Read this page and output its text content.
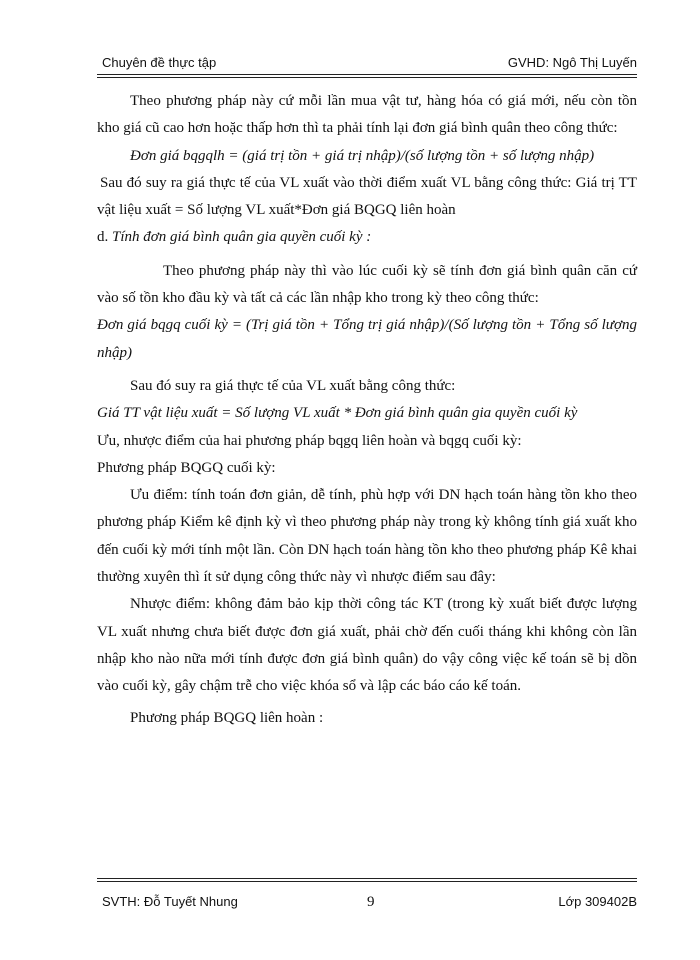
Chuyên đề thực tập	GVHD: Ngô Thị Luyến

Theo phương pháp này cứ mỗi lần mua vật tư, hàng hóa có giá mới, nếu còn tồn kho giá cũ cao hơn hoặc thấp hơn thì ta phải tính lại đơn giá bình quân theo công thức:

Đơn giá bqgqlh = (giá trị tồn + giá trị nhập)/(số lượng tồn + số lượng nhập)

Sau đó suy ra giá thực tế của VL xuất vào thời điểm xuất VL bằng công thức: Giá trị TT vật liệu xuất = Số lượng VL xuất*Đơn giá BQGQ liên hoàn

d. Tính đơn giá bình quân gia quyền cuối kỳ :

Theo phương pháp này thì vào lúc cuối kỳ sẽ tính đơn giá bình quân căn cứ vào số tồn kho đầu kỳ và tất cả các lần nhập kho trong kỳ theo công thức:

Đơn giá bqgq cuối kỳ = (Trị giá tồn + Tổng trị giá nhập)/(Số lượng tồn + Tổng số lượng nhập)

Sau đó suy ra giá thực tế của VL xuất bằng công thức:

Giá TT vật liệu xuất = Số lượng VL xuất * Đơn giá bình quân gia quyền cuối kỳ

Ưu, nhược điểm của hai phương pháp bqgq liên hoàn và bqgq cuối kỳ:

Phương pháp BQGQ cuối kỳ:

Ưu điểm: tính toán đơn giản, dễ tính, phù hợp với DN hạch toán hàng tồn kho theo phương pháp Kiểm kê định kỳ vì theo phương pháp này trong kỳ không tính giá xuất kho đến cuối kỳ mới tính một lần. Còn DN hạch toán hàng tồn kho theo phương pháp Kê khai thường xuyên thì ít sử dụng công thức này vì nhược điểm sau đây:

Nhược điểm: không đảm bảo kịp thời công tác KT (trong kỳ xuất biết được lượng VL xuất nhưng chưa biết được đơn giá xuất, phải chờ đến cuối tháng khi không còn lần nhập kho nào nữa mới tính được đơn giá bình quân) do vậy công việc kế toán sẽ bị dồn vào cuối kỳ, gây chậm trễ cho việc khóa sổ và lập các báo cáo kế toán.

Phương pháp BQGQ liên hoàn :

SVTH: Đỗ Tuyết Nhung	9	Lớp 309402B
